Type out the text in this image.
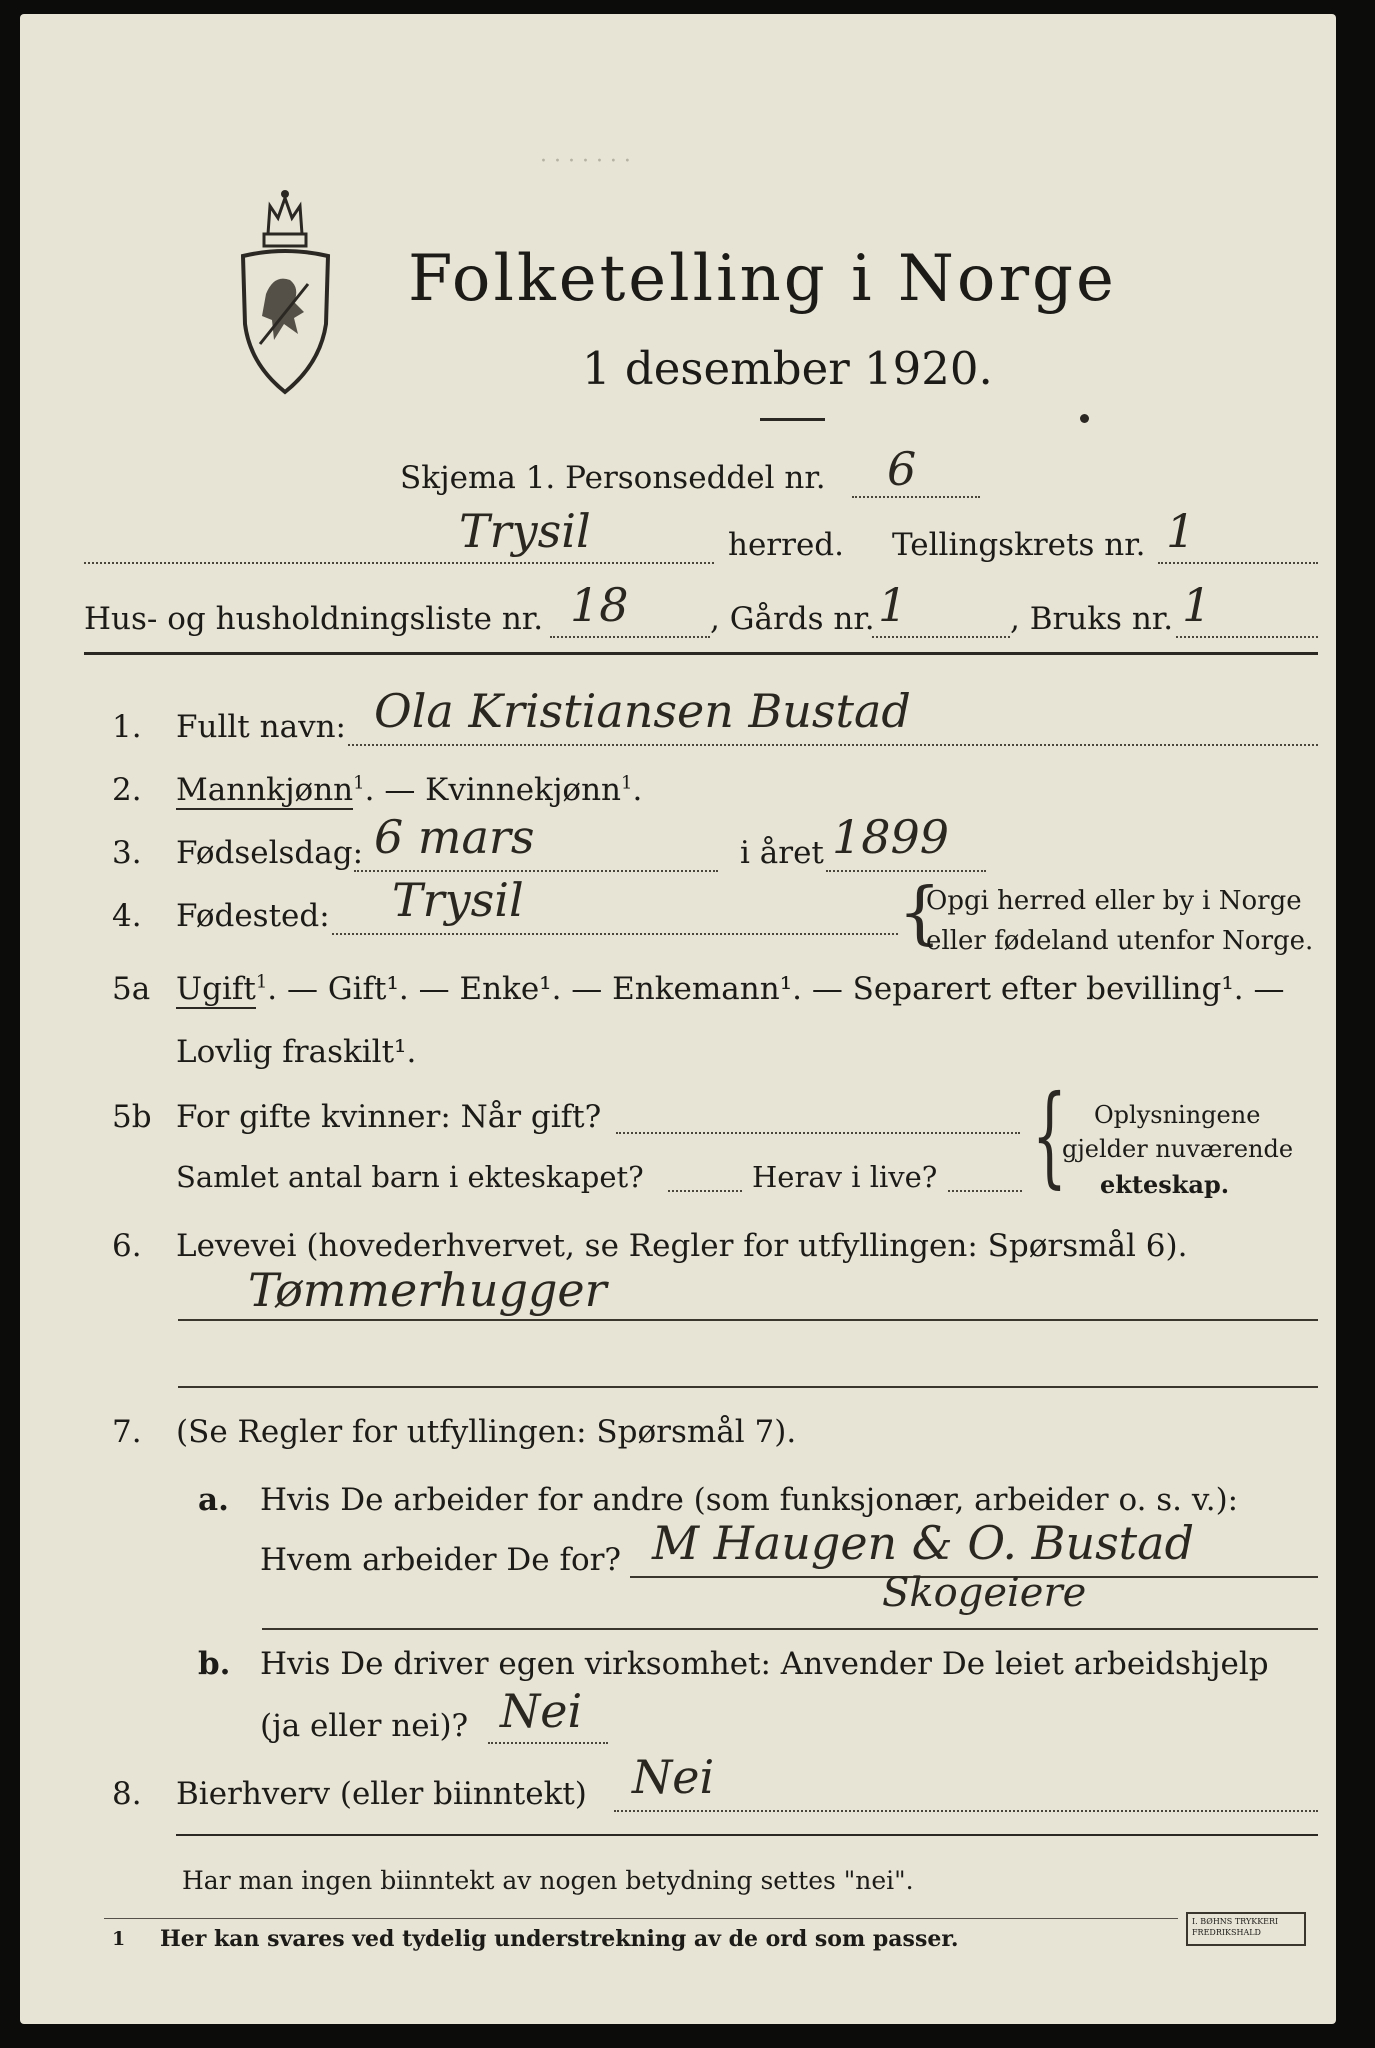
· · · · · · ·
Folketelling i Norge
1 desember 1920.
Skjema 1. Personseddel nr. 6
Trysil	herred. Tellingskrets nr. 1
Hus- og husholdningsliste nr. 18	, Gårds nr. 1	, Bruks nr. 1
1. Fullt navn: Ola Kristiansen Bustad
2. Mannkjønn$^1$. — Kvinnekjønn$^1$.
3. Fødselsdag: 6 mars	i året 1899
4. Fødested: Trysil	{
Opgi herred eller by i Norge
eller fødeland utenfor Norge.
5a Ugift$^1$. — Gift¹. — Enke¹. — Enkemann¹. — Separert efter bevilling¹. —
Lovlig fraskilt¹.
5b For gifte kvinner: Når gift?
Samlet antal barn i ekteskapet?	Herav i live? { Oplysningene
gjelder nuværende
ekteskap.
6. Levevei (hovederhvervet, se Regler for utfyllingen: Spørsmål 6).
Tømmerhugger
7. (Se Regler for utfyllingen: Spørsmål 7).
a. Hvis De arbeider for andre (som funksjonær, arbeider o. s. v.):
Hvem arbeider De for? M Haugen & O. Bustad
Skogeiere
b. Hvis De driver egen virksomhet: Anvender De leiet arbeidshjelp
(ja eller nei)? Nei
8. Bierhverv (eller biinntekt) Nei
Har man ingen biinntekt av nogen betydning settes "nei".
1 Her kan svares ved tydelig understrekning av de ord som passer.
I. BØHNS TRYKKERI FREDRIKSHALD
